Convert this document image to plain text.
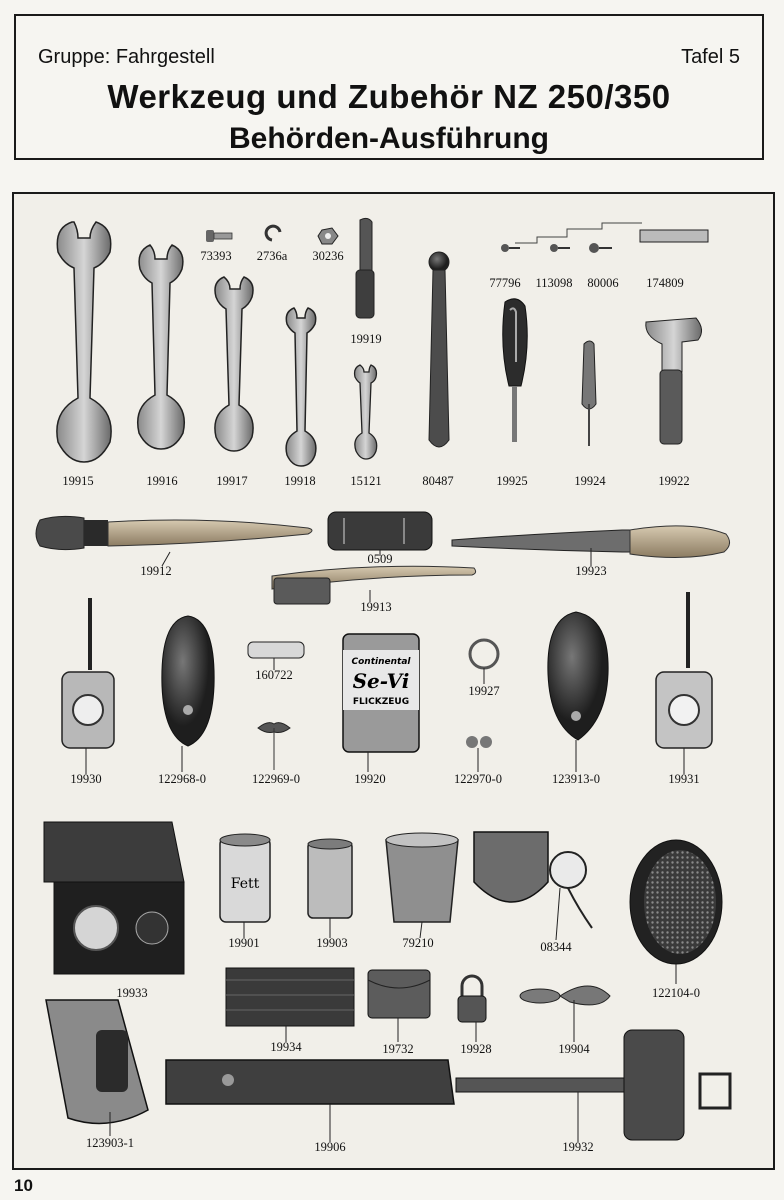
Gruppe: Fahrgestell	Tafel 5
Werkzeug und Zubehör NZ 250/350
Behörden-Ausführung
Continental
Se-Vi
FLICKZEUG
Fett
19915	19916	19917	19918	15121	80487	19925	19924	19922
73393 2736a 30236
19919
77796 113098 80006 174809
19912
0509
19923
19913
19930	122968-0
160722
122969-0	19920
19927
122970-0	123913-0	19931
19933
19901	19903	79210	08344
122104-0
19934	19732	19928	19904
123903-1	19906	19932
10
